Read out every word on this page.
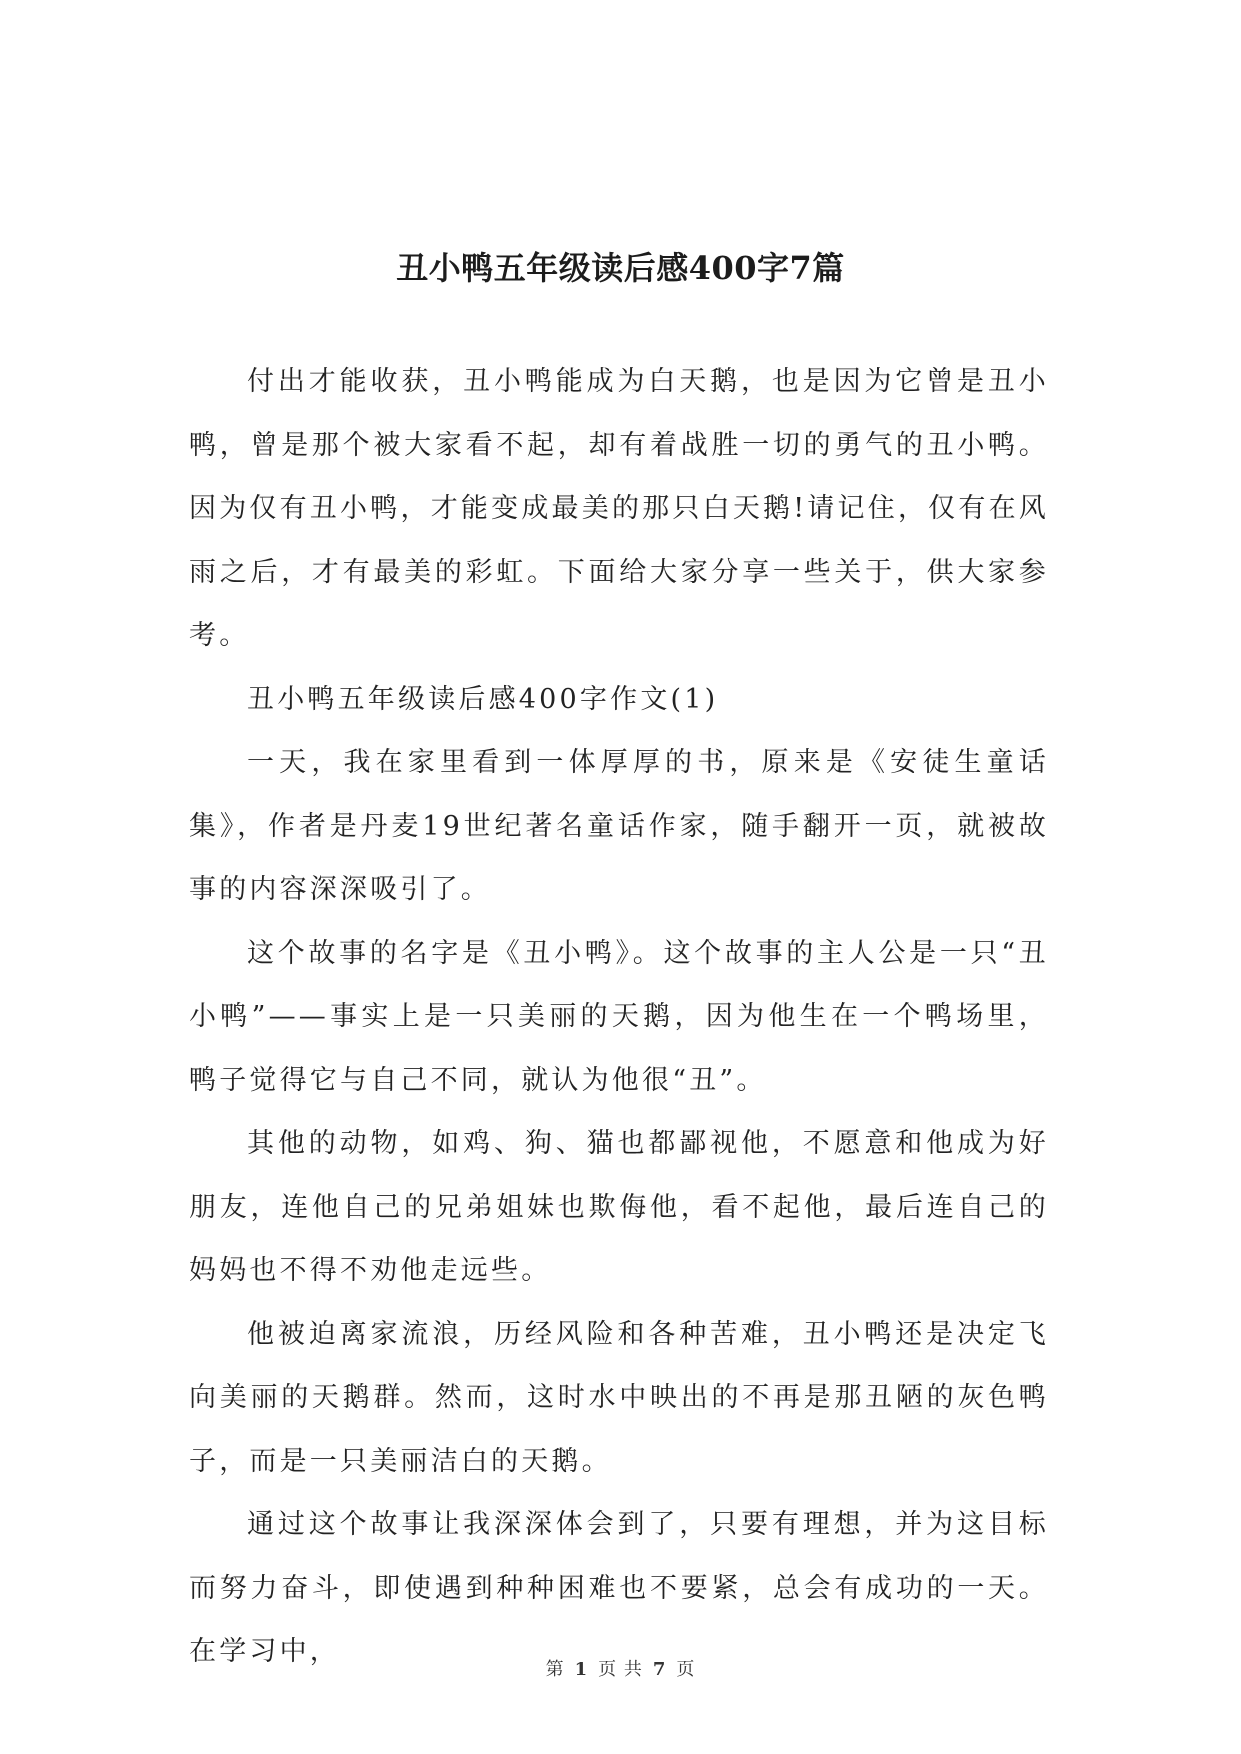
丑小鸭五年级读后感400字7篇

付出才能收获，丑小鸭能成为白天鹅，也是因为它曾是丑小鸭，曾是那个被大家看不起，却有着战胜一切的勇气的丑小鸭。因为仅有丑小鸭，才能变成最美的那只白天鹅!请记住，仅有在风雨之后，才有最美的彩虹。下面给大家分享一些关于，供大家参考。

丑小鸭五年级读后感400字作文(1)

一天，我在家里看到一体厚厚的书，原来是《安徒生童话集》，作者是丹麦19世纪著名童话作家，随手翻开一页，就被故事的内容深深吸引了。

这个故事的名字是《丑小鸭》。这个故事的主人公是一只“丑小鸭”——事实上是一只美丽的天鹅，因为他生在一个鸭场里，鸭子觉得它与自己不同，就认为他很“丑”。

其他的动物，如鸡、狗、猫也都鄙视他，不愿意和他成为好朋友，连他自己的兄弟姐妹也欺侮他，看不起他，最后连自己的妈妈也不得不劝他走远些。

他被迫离家流浪，历经风险和各种苦难，丑小鸭还是决定飞向美丽的天鹅群。然而，这时水中映出的不再是那丑陋的灰色鸭子，而是一只美丽洁白的天鹅。

通过这个故事让我深深体会到了，只要有理想，并为这目标而努力奋斗，即使遇到种种困难也不要紧，总会有成功的一天。在学习中，

第 1 页 共 7 页
